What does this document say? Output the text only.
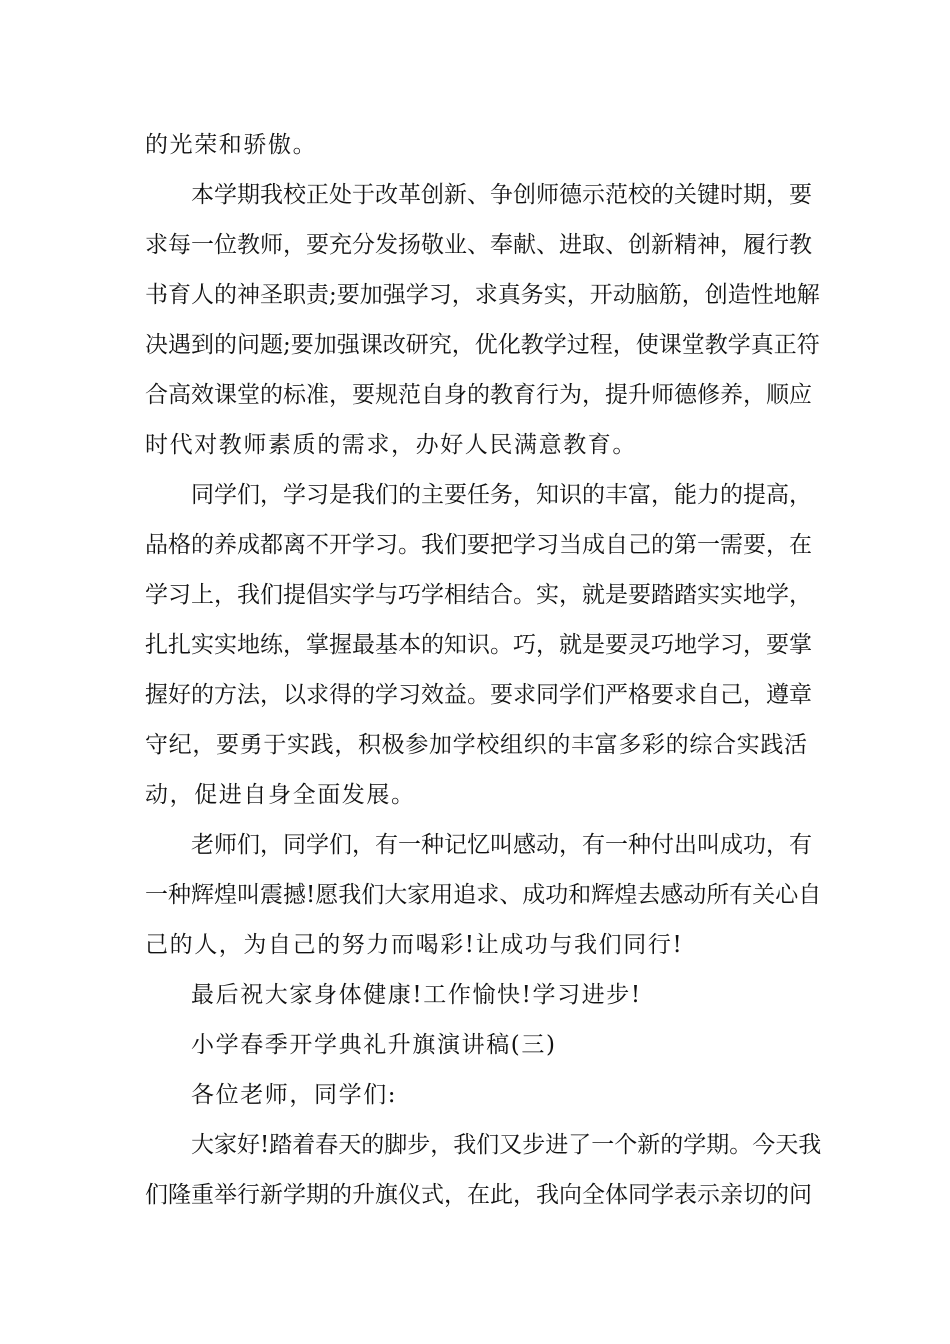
的光荣和骄傲。
本学期我校正处于改革创新、争创师德示范校的关键时期，要
求每一位教师，要充分发扬敬业、奉献、进取、创新精神，履行教
书育人的神圣职责;要加强学习，求真务实，开动脑筋，创造性地解
决遇到的问题;要加强课改研究，优化教学过程，使课堂教学真正符
合高效课堂的标准，要规范自身的教育行为，提升师德修养，顺应
时代对教师素质的需求，办好人民满意教育。
同学们，学习是我们的主要任务，知识的丰富，能力的提高，
品格的养成都离不开学习。我们要把学习当成自己的第一需要，在
学习上，我们提倡实学与巧学相结合。实，就是要踏踏实实地学，
扎扎实实地练，掌握最基本的知识。巧，就是要灵巧地学习，要掌
握好的方法，以求得的学习效益。要求同学们严格要求自己，遵章
守纪，要勇于实践，积极参加学校组织的丰富多彩的综合实践活
动，促进自身全面发展。
老师们，同学们，有一种记忆叫感动，有一种付出叫成功，有
一种辉煌叫震撼!愿我们大家用追求、成功和辉煌去感动所有关心自
己的人，为自己的努力而喝彩!让成功与我们同行!
最后祝大家身体健康!工作愉快!学习进步!
小学春季开学典礼升旗演讲稿(三)
各位老师，同学们:
大家好!踏着春天的脚步，我们又步进了一个新的学期。今天我
们隆重举行新学期的升旗仪式，在此，我向全体同学表示亲切的问
